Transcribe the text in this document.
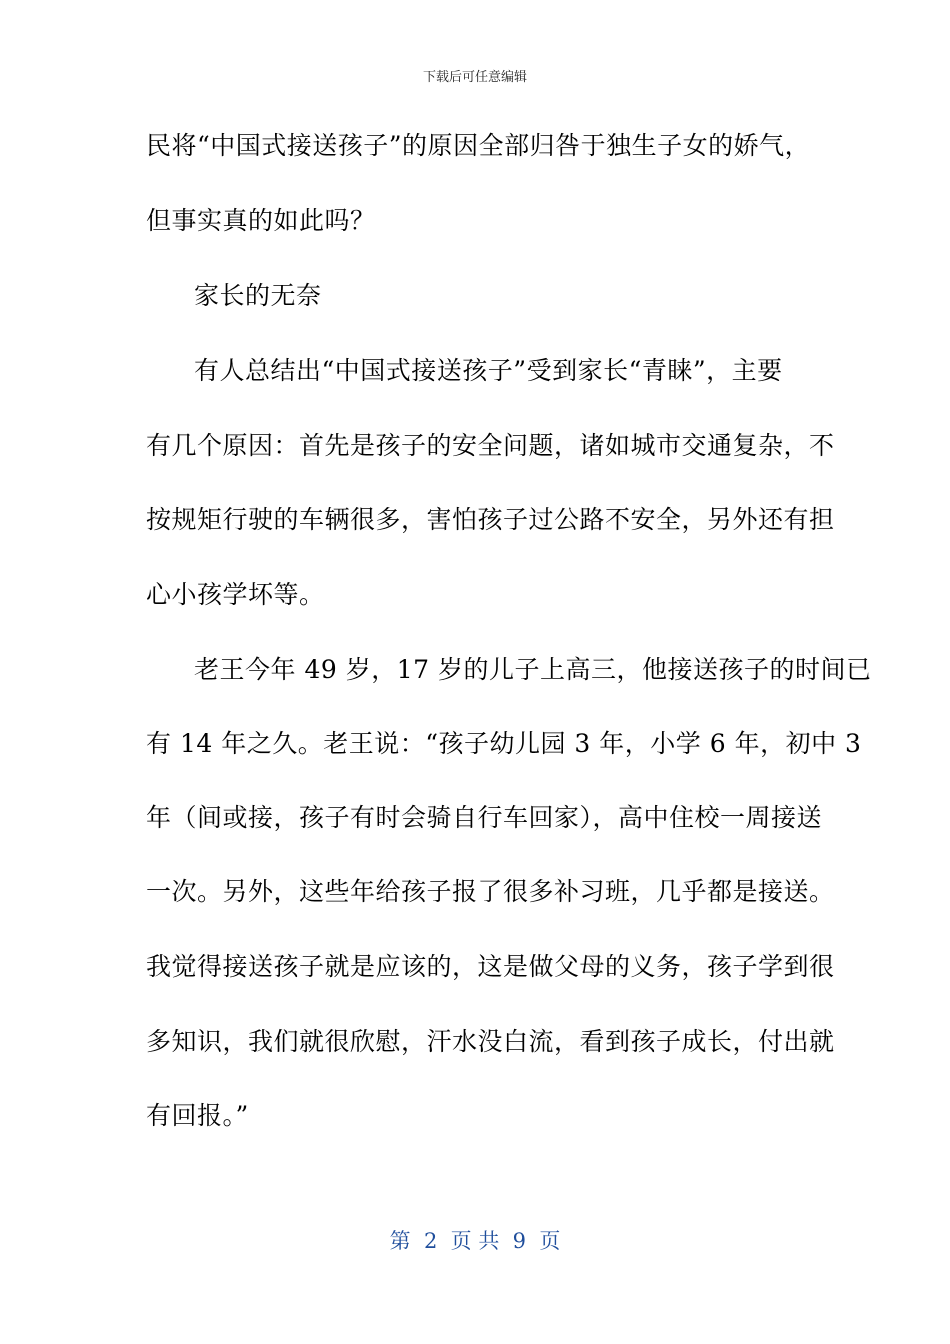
下载后可任意编辑
民将“中国式接送孩子”的原因全部归咎于独生子女的娇气，
但事实真的如此吗？
家长的无奈
有人总结出“中国式接送孩子”受到家长“青睐”，主要
有几个原因：首先是孩子的安全问题，诸如城市交通复杂，不
按规矩行驶的车辆很多，害怕孩子过公路不安全，另外还有担
心小孩学坏等。
老王今年 49 岁，17 岁的儿子上高三，他接送孩子的时间已
有 14 年之久。老王说：“孩子幼儿园 3 年，小学 6 年，初中 3
年（间或接，孩子有时会骑自行车回家），高中住校一周接送
一次。另外，这些年给孩子报了很多补习班，几乎都是接送。
我觉得接送孩子就是应该的，这是做父母的义务，孩子学到很
多知识，我们就很欣慰，汗水没白流，看到孩子成长，付出就
有回报。”
第  2  页 共  9  页
